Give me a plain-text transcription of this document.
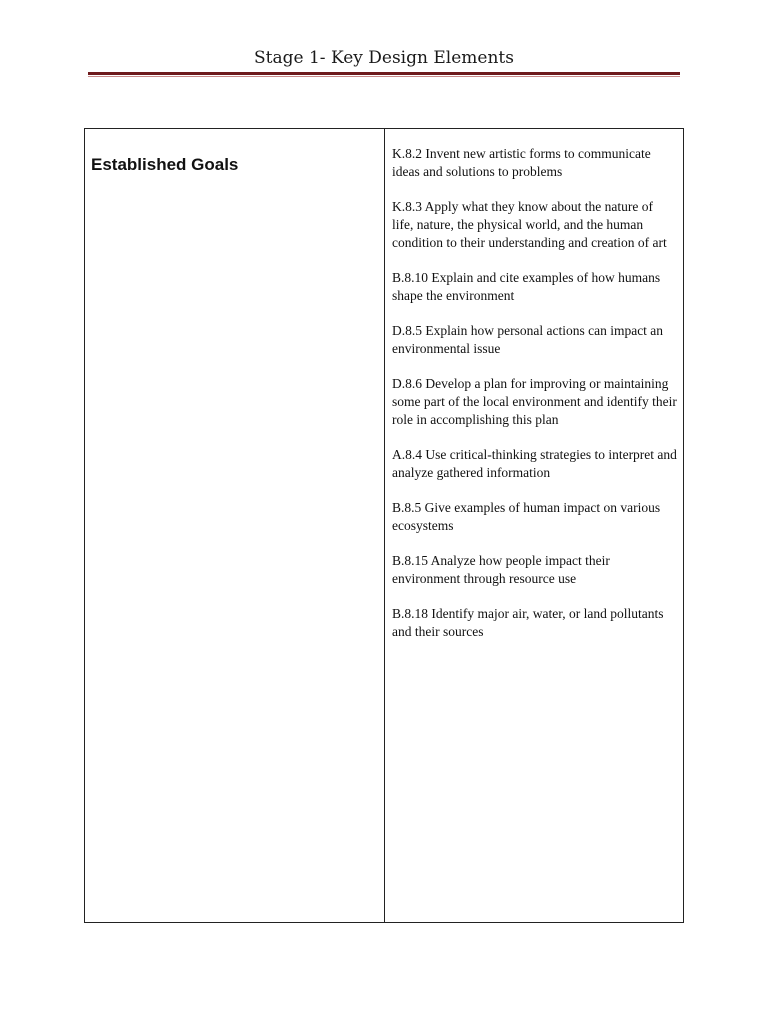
Stage 1- Key Design Elements
Established Goals

K.8.2 Invent new artistic forms to communicate ideas and solutions to problems

K.8.3 Apply what they know about the nature of life, nature, the physical world, and the human condition to their understanding and creation of art

B.8.10 Explain and cite examples of how humans shape the environment

D.8.5 Explain how personal actions can impact an environmental issue

D.8.6 Develop a plan for improving or maintaining some part of the local environment and identify their role in accomplishing this plan

A.8.4 Use critical-thinking strategies to interpret and analyze gathered information

B.8.5 Give examples of human impact on various ecosystems

B.8.15 Analyze how people impact their environment through resource use

B.8.18 Identify major air, water, or land pollutants and their sources
